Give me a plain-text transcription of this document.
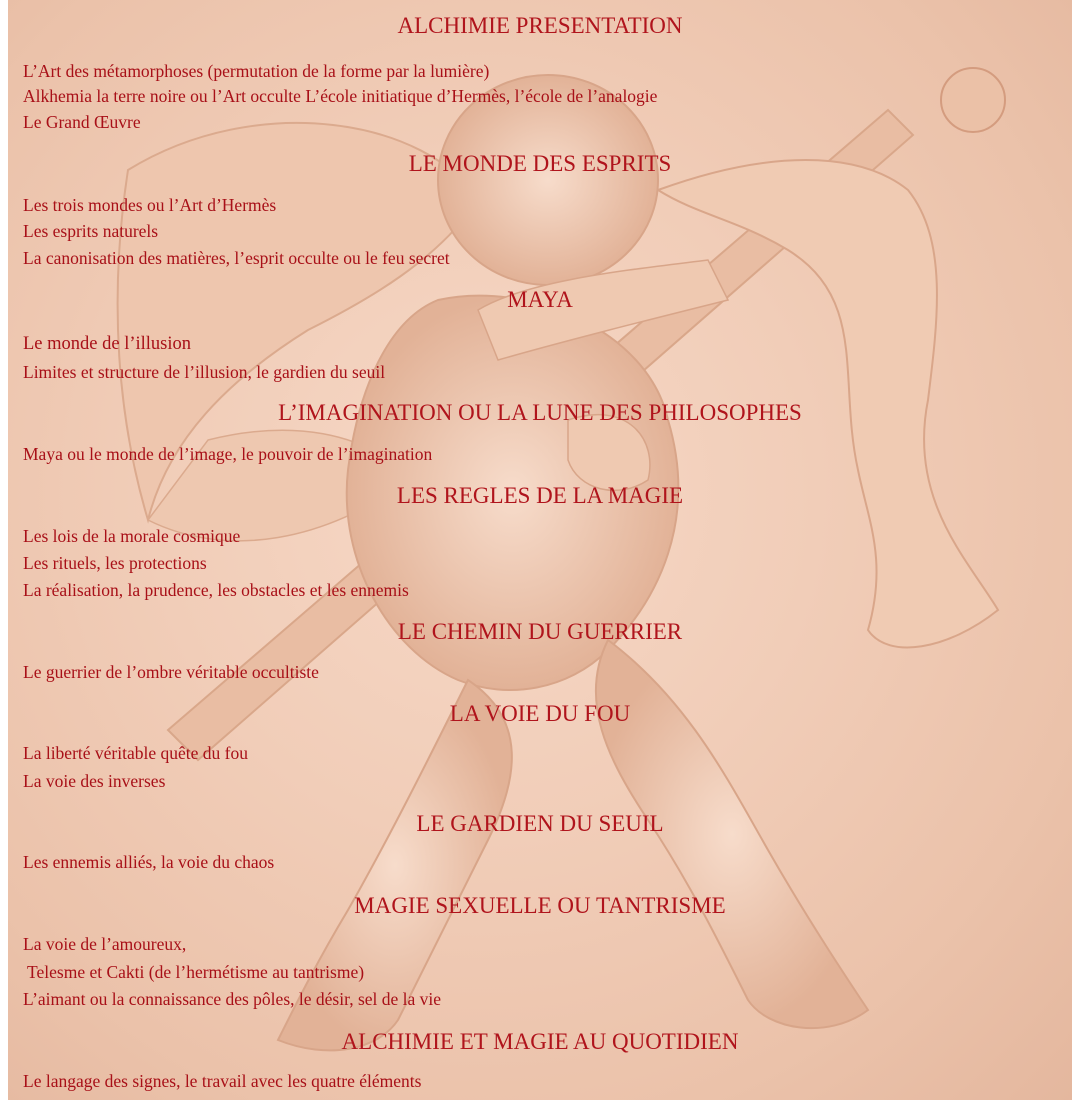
ALCHIMIE PRESENTATION
L’Art des métamorphoses (permutation de la forme par la lumière)
Alkhemia la terre noire ou l’Art occulte L’école initiatique d’Hermès, l’école de l’analogie
Le Grand Œuvre
LE MONDE DES ESPRITS
Les trois mondes ou l’Art d’Hermès
Les esprits naturels
La canonisation des matières, l’esprit occulte ou le feu secret
MAYA
Le monde de l’illusion
Limites et structure de l’illusion, le gardien du seuil
L’IMAGINATION OU LA LUNE DES PHILOSOPHES
Maya ou le monde de l’image, le pouvoir de l’imagination
LES REGLES DE LA MAGIE
Les lois de la morale cosmique
Les rituels, les protections
La réalisation, la prudence, les obstacles et les ennemis
LE CHEMIN DU GUERRIER
Le guerrier de l’ombre véritable occultiste
LA VOIE DU FOU
La liberté véritable quête du fou
La voie des inverses
LE GARDIEN DU SEUIL
Les ennemis alliés, la voie du chaos
MAGIE SEXUELLE OU TANTRISME
La voie de l’amoureux,
Telesme et Cakti (de l’hermétisme au tantrisme)
L’aimant ou la connaissance des pôles, le désir, sel de la vie
ALCHIMIE ET MAGIE AU QUOTIDIEN
Le langage des signes, le travail avec les quatre éléments
